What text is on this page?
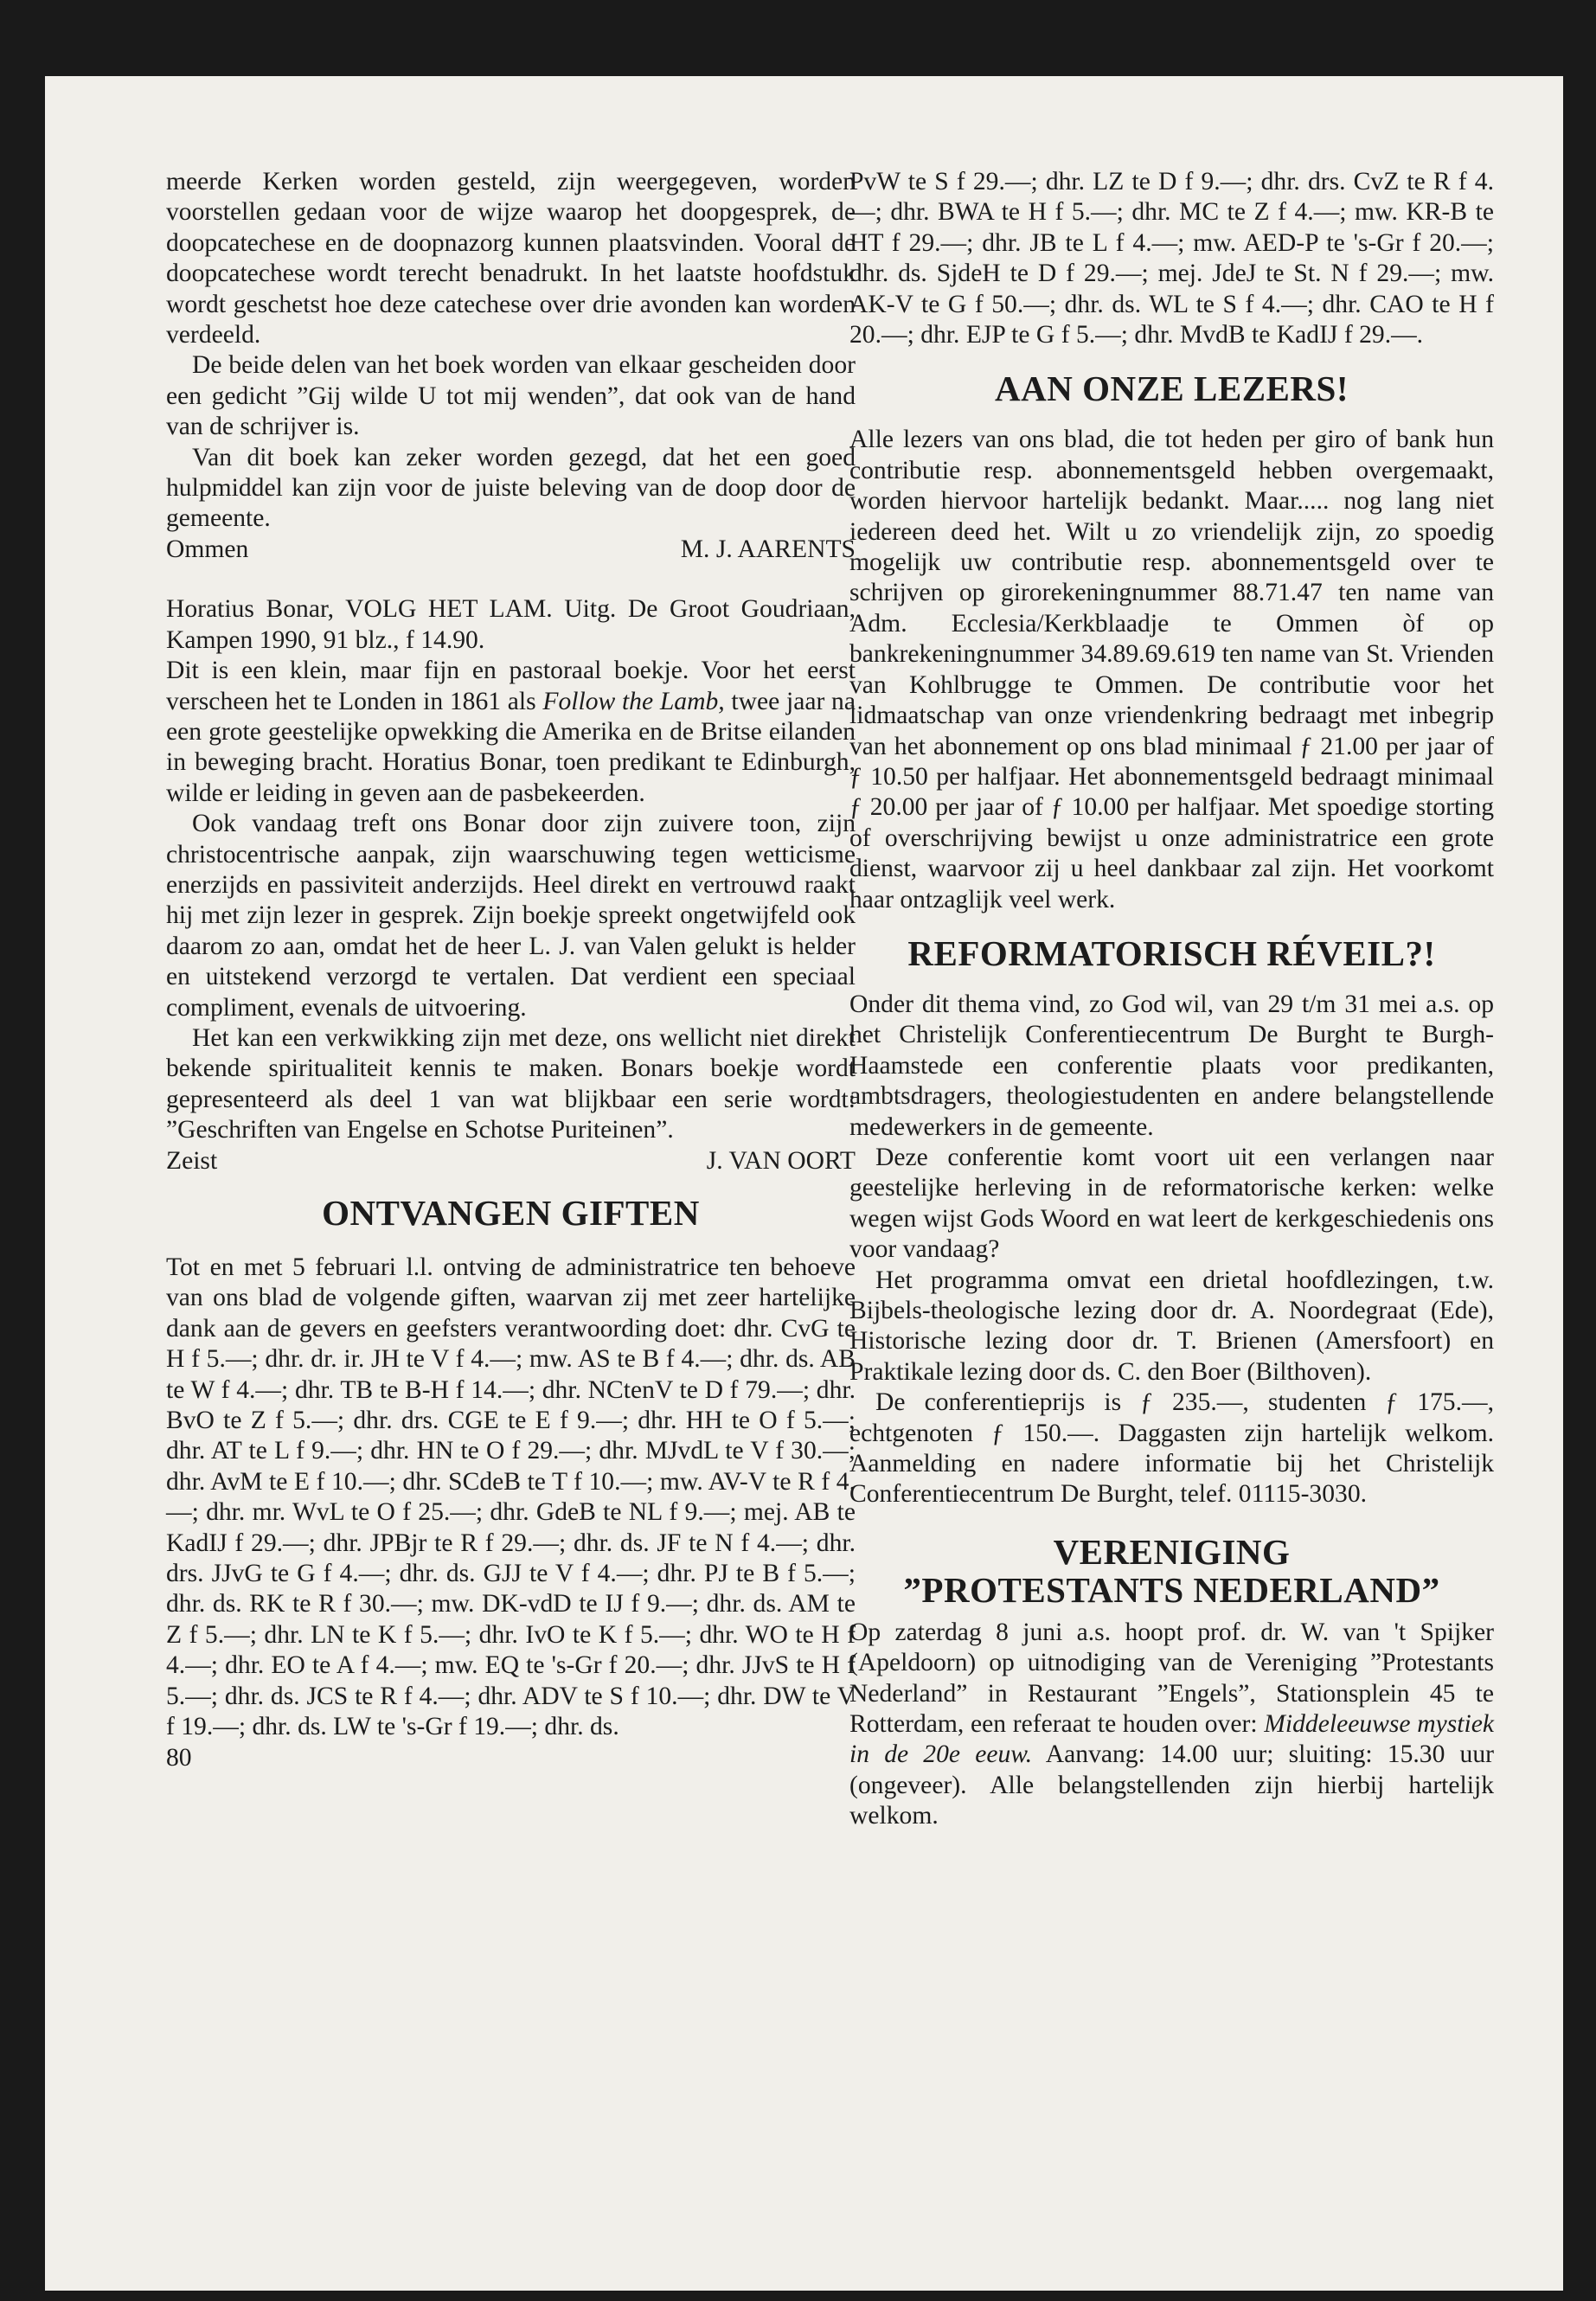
meerde Kerken worden gesteld, zijn weergegeven, worden voorstellen gedaan voor de wijze waarop het doopgesprek, de doopcatechese en de doopnazorg kunnen plaatsvinden. Vooral de doopcatechese wordt terecht benadrukt. In het laatste hoofdstuk wordt geschetst hoe deze catechese over drie avonden kan worden verdeeld.

De beide delen van het boek worden van elkaar gescheiden door een gedicht ”Gij wilde U tot mij wenden”, dat ook van de hand van de schrijver is.

Van dit boek kan zeker worden gezegd, dat het een goed hulpmiddel kan zijn voor de juiste beleving van de doop door de gemeente.

Ommen	M. J. AARENTS

Horatius Bonar, VOLG HET LAM. Uitg. De Groot Goudriaan, Kampen 1990, 91 blz., f 14.90.

Dit is een klein, maar fijn en pastoraal boekje. Voor het eerst verscheen het te Londen in 1861 als Follow the Lamb, twee jaar na een grote geestelijke opwekking die Amerika en de Britse eilanden in beweging bracht. Horatius Bonar, toen predikant te Edinburgh, wilde er leiding in geven aan de pasbekeerden.

Ook vandaag treft ons Bonar door zijn zuivere toon, zijn christocentrische aanpak, zijn waarschuwing tegen wetticisme enerzijds en passiviteit anderzijds. Heel direkt en vertrouwd raakt hij met zijn lezer in gesprek. Zijn boekje spreekt ongetwijfeld ook daarom zo aan, omdat het de heer L. J. van Valen gelukt is helder en uitstekend verzorgd te vertalen. Dat verdient een speciaal compliment, evenals de uitvoering.

Het kan een verkwikking zijn met deze, ons wellicht niet direkt bekende spiritualiteit kennis te maken. Bonars boekje wordt gepresenteerd als deel 1 van wat blijkbaar een serie wordt: ”Geschriften van Engelse en Schotse Puriteinen”.

Zeist	J. VAN OORT
ONTVANGEN GIFTEN

Tot en met 5 februari l.l. ontving de administratrice ten behoeve van ons blad de volgende giften, waarvan zij met zeer hartelijke dank aan de gevers en geefsters verantwoording doet: dhr. CvG te H f 5.—; dhr. dr. ir. JH te V f 4.—; mw. AS te B f 4.—; dhr. ds. AB te W f 4.—; dhr. TB te B-H f 14.—; dhr. NCtenV te D f 79.—; dhr. BvO te Z f 5.—; dhr. drs. CGE te E f 9.—; dhr. HH te O f 5.—; dhr. AT te L f 9.—; dhr. HN te O f 29.—; dhr. MJvdL te V f 30.—; dhr. AvM te E f 10.—; dhr. SCdeB te T f 10.—; mw. AV-V te R f 4.—; dhr. mr. WvL te O f 25.—; dhr. GdeB te NL f 9.—; mej. AB te KadIJ f 29.—; dhr. JPBjr te R f 29.—; dhr. ds. JF te N f 4.—; dhr. drs. JJvG te G f 4.—; dhr. ds. GJJ te V f 4.—; dhr. PJ te B f 5.—; dhr. ds. RK te R f 30.—; mw. DK-vdD te IJ f 9.—; dhr. ds. AM te Z f 5.—; dhr. LN te K f 5.—; dhr. IvO te K f 5.—; dhr. WO te H f 4.—; dhr. EO te A f 4.—; mw. EQ te 's-Gr f 20.—; dhr. JJvS te H f 5.—; dhr. ds. JCS te R f 4.—; dhr. ADV te S f 10.—; dhr. DW te V f 19.—; dhr. ds. LW te 's-Gr f 19.—; dhr. ds.

80

PvW te S f 29.—; dhr. LZ te D f 9.—; dhr. drs. CvZ te R f 4.—; dhr. BWA te H f 5.—; dhr. MC te Z f 4.—; mw. KR-B te HT f 29.—; dhr. JB te L f 4.—; mw. AED-P te 's-Gr f 20.—; dhr. ds. SjdeH te D f 29.—; mej. JdeJ te St. N f 29.—; mw. AK-V te G f 50.—; dhr. ds. WL te S f 4.—; dhr. CAO te H f 20.—; dhr. EJP te G f 5.—; dhr. MvdB te KadIJ f 29.—.

AAN ONZE LEZERS!

Alle lezers van ons blad, die tot heden per giro of bank hun contributie resp. abonnementsgeld hebben overgemaakt, worden hiervoor hartelijk bedankt. Maar..... nog lang niet iedereen deed het. Wilt u zo vriendelijk zijn, zo spoedig mogelijk uw contributie resp. abonnementsgeld over te schrijven op girorekeningnummer 88.71.47 ten name van Adm. Ecclesia/Kerkblaadje te Ommen òf op bankrekeningnummer 34.89.69.619 ten name van St. Vrienden van Kohlbrugge te Ommen. De contributie voor het lidmaatschap van onze vriendenkring bedraagt met inbegrip van het abonnement op ons blad minimaal ƒ 21.00 per jaar of ƒ 10.50 per halfjaar. Het abonnementsgeld bedraagt minimaal ƒ 20.00 per jaar of ƒ 10.00 per halfjaar. Met spoedige storting of overschrijving bewijst u onze administratrice een grote dienst, waarvoor zij u heel dankbaar zal zijn. Het voorkomt haar ontzaglijk veel werk.

REFORMATORISCH RÉVEIL?!

Onder dit thema vind, zo God wil, van 29 t/m 31 mei a.s. op het Christelijk Conferentiecentrum De Burght te Burgh-Haamstede een conferentie plaats voor predikanten, ambtsdragers, theologiestudenten en andere belangstellende medewerkers in de gemeente.

Deze conferentie komt voort uit een verlangen naar geestelijke herleving in de reformatorische kerken: welke wegen wijst Gods Woord en wat leert de kerkgeschiedenis ons voor vandaag?

Het programma omvat een drietal hoofdlezingen, t.w. Bijbels-theologische lezing door dr. A. Noordegraat (Ede), Historische lezing door dr. T. Brienen (Amersfoort) en Praktikale lezing door ds. C. den Boer (Bilthoven).

De conferentieprijs is ƒ 235.—, studenten ƒ 175.—, echtgenoten ƒ 150.—. Daggasten zijn hartelijk welkom. Aanmelding en nadere informatie bij het Christelijk Conferentiecentrum De Burght, telef. 01115-3030.

VERENIGING
”PROTESTANTS NEDERLAND”

Op zaterdag 8 juni a.s. hoopt prof. dr. W. van 't Spijker (Apeldoorn) op uitnodiging van de Vereniging ”Protestants Nederland” in Restaurant ”Engels”, Stationsplein 45 te Rotterdam, een referaat te houden over: Middeleeuwse mystiek in de 20e eeuw. Aanvang: 14.00 uur; sluiting: 15.30 uur (ongeveer). Alle belangstellenden zijn hierbij hartelijk welkom.
